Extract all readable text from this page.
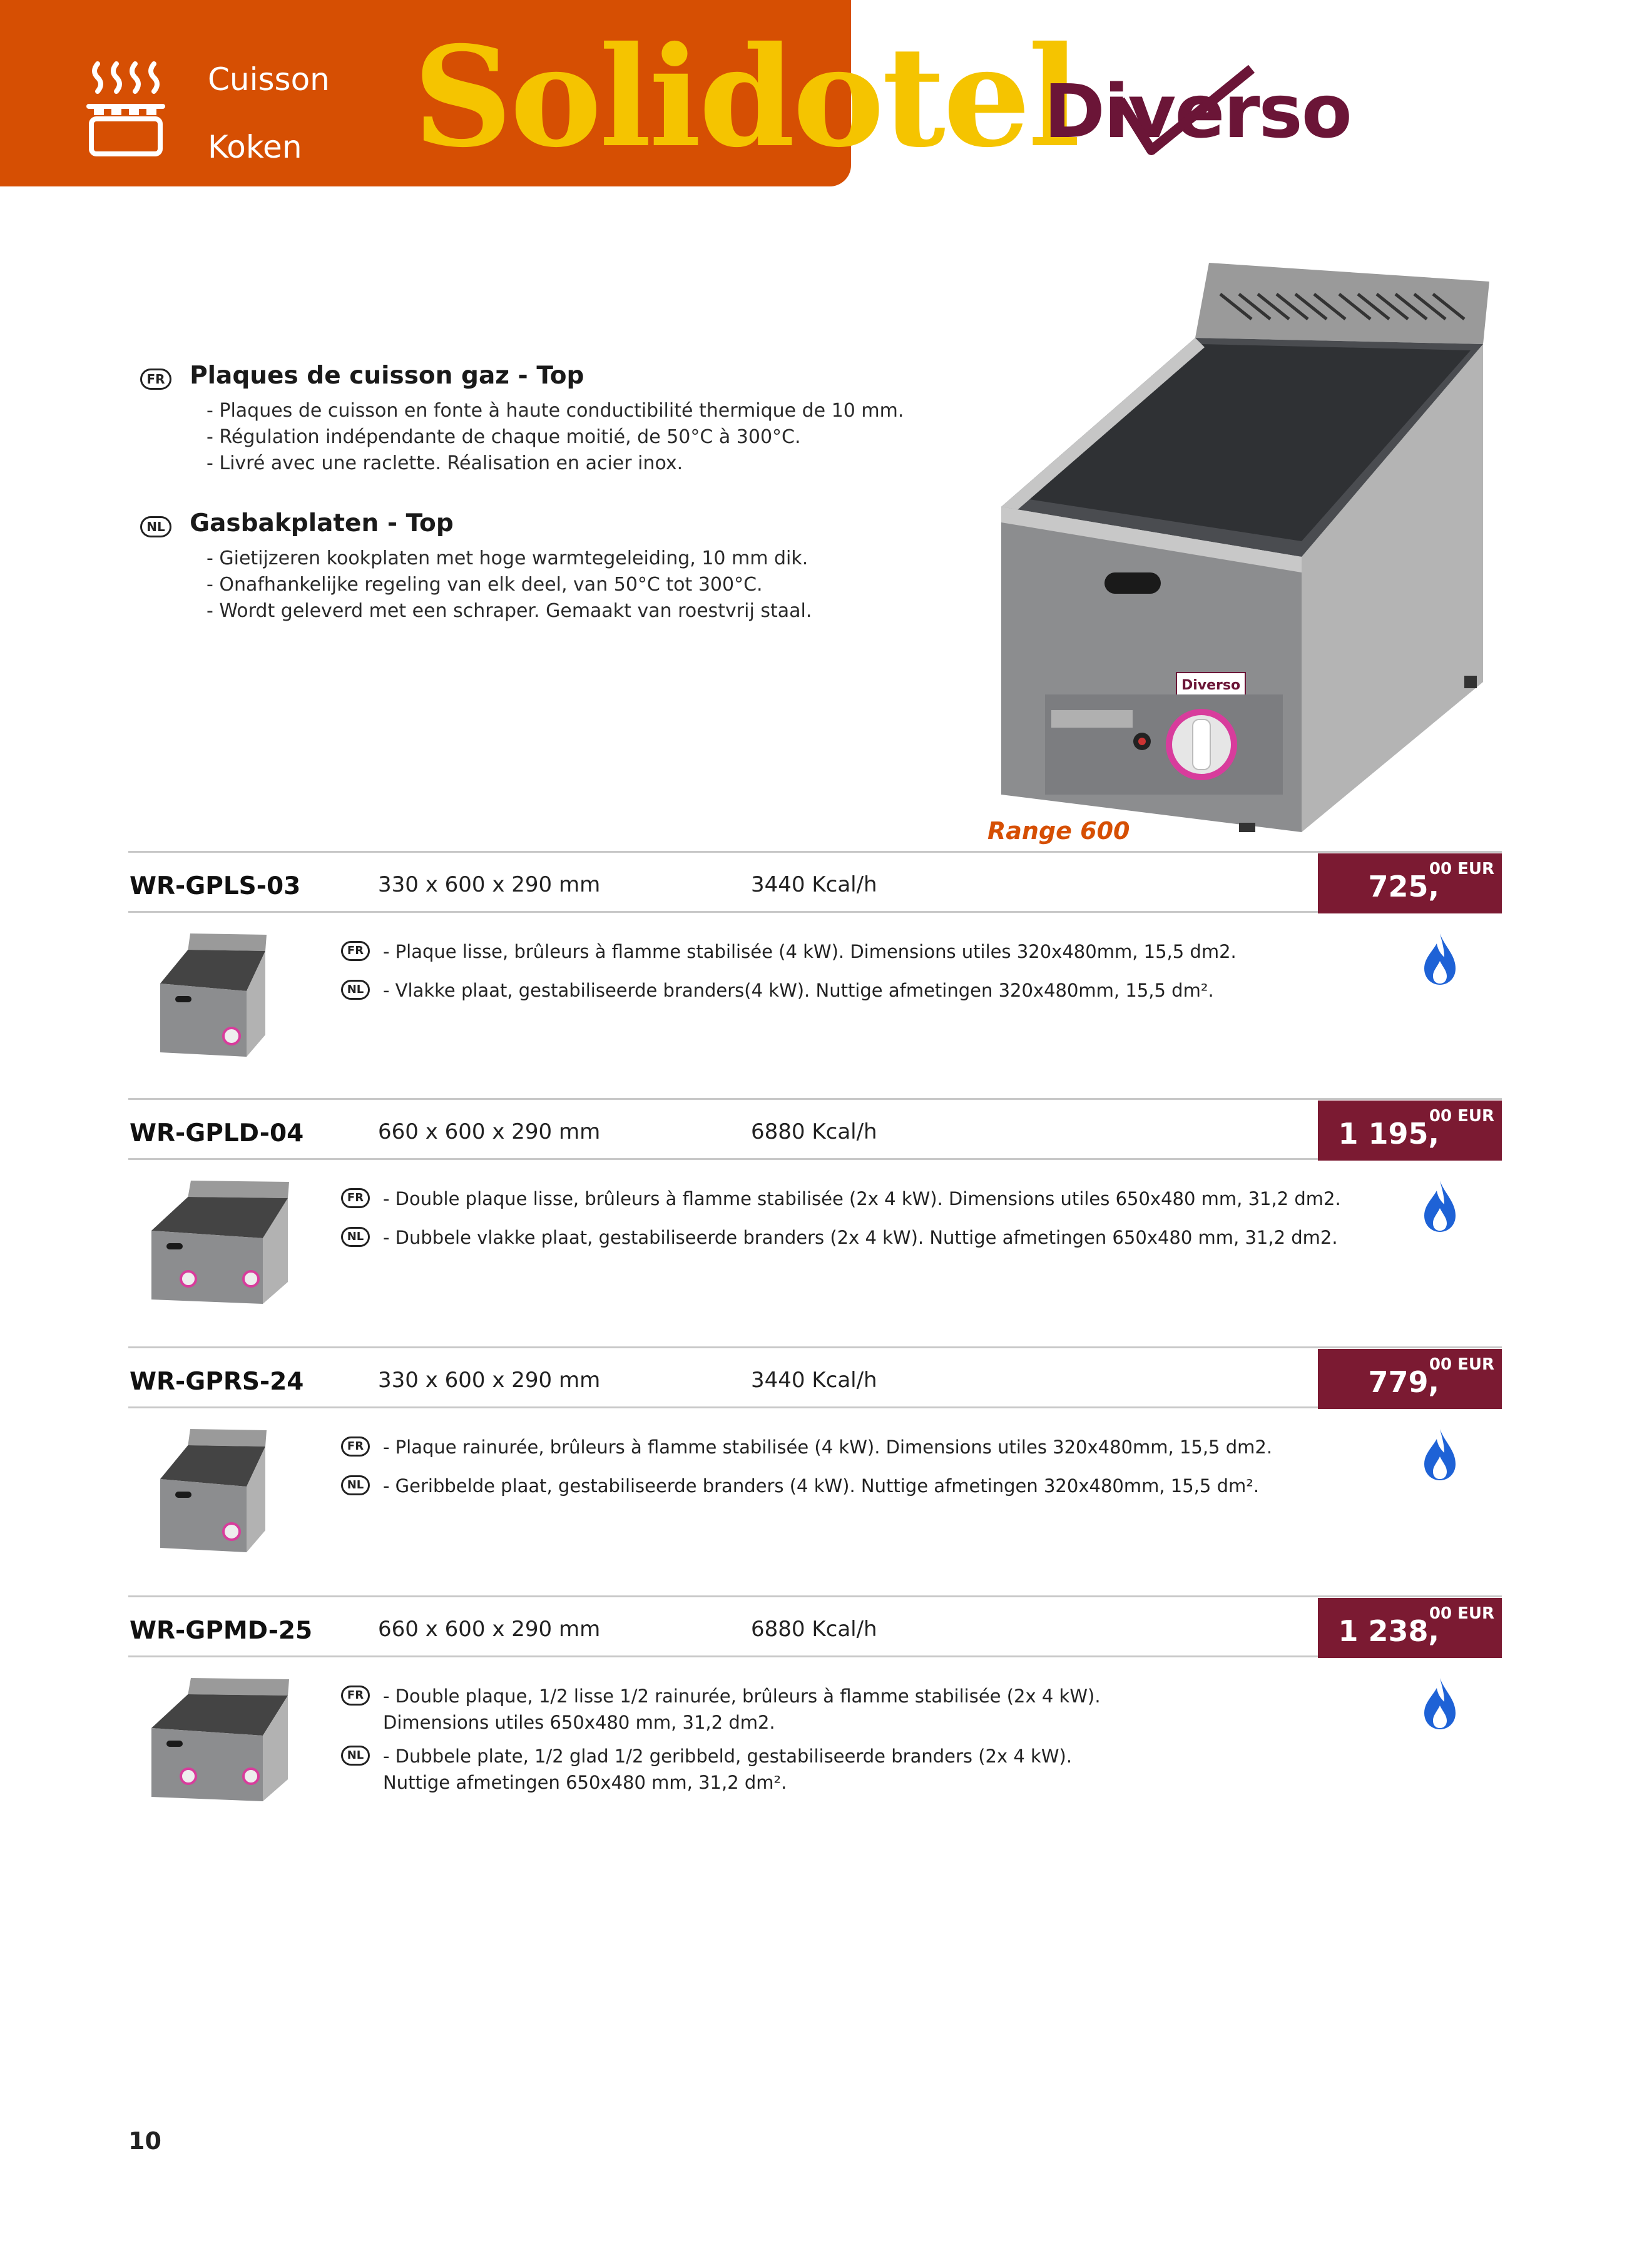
Cuisson
Koken Solidotel
Diverso
FR Plaques de cuisson gaz - Top
- Plaques de cuisson en fonte à haute conductibilité thermique de 10 mm.
- Régulation indépendante de chaque moitié, de 50°C à 300°C.
- Livré avec une raclette. Réalisation en acier inox.
NL Gasbakplaten - Top
- Gietijzeren kookplaten met hoge warmtegeleiding, 10 mm dik.
- Onafhankelijke regeling van elk deel, van 50°C tot 300°C.
- Wordt geleverd met een schraper. Gemaakt van roestvrij staal.
Diverso
Range 600
WR-GPLS-03	330 x 600 x 290 mm	3440 Kcal/h	725,
00 EUR
FR	- Plaque lisse, brûleurs à flamme stabilisée (4 kW). Dimensions utiles 320x480mm, 15,5 dm2.
NL	- Vlakke plaat, gestabiliseerde branders(4 kW). Nuttige afmetingen 320x480mm, 15,5 dm².
WR-GPLD-04	660 x 600 x 290 mm	6880 Kcal/h	1 195,
00 EUR
FR	- Double plaque lisse, brûleurs à flamme stabilisée (2x 4 kW). Dimensions utiles 650x480 mm, 31,2 dm2.
NL	- Dubbele vlakke plaat, gestabiliseerde branders (2x 4 kW). Nuttige afmetingen 650x480 mm, 31,2 dm2.
WR-GPRS-24	330 x 600 x 290 mm	3440 Kcal/h	779,
00 EUR
FR	- Plaque rainurée, brûleurs à flamme stabilisée (4 kW). Dimensions utiles 320x480mm, 15,5 dm2.
NL	- Geribbelde plaat, gestabiliseerde branders (4 kW). Nuttige afmetingen 320x480mm, 15,5 dm².
WR-GPMD-25	660 x 600 x 290 mm	6880 Kcal/h	1 238,
00 EUR
FR	- Double plaque, 1/2 lisse 1/2 rainurée, brûleurs à flamme stabilisée (2x 4 kW).
Dimensions utiles 650x480 mm, 31,2 dm2.
NL	- Dubbele plate, 1/2 glad 1/2 geribbeld, gestabiliseerde branders (2x 4 kW).
Nuttige afmetingen 650x480 mm, 31,2 dm².
10
